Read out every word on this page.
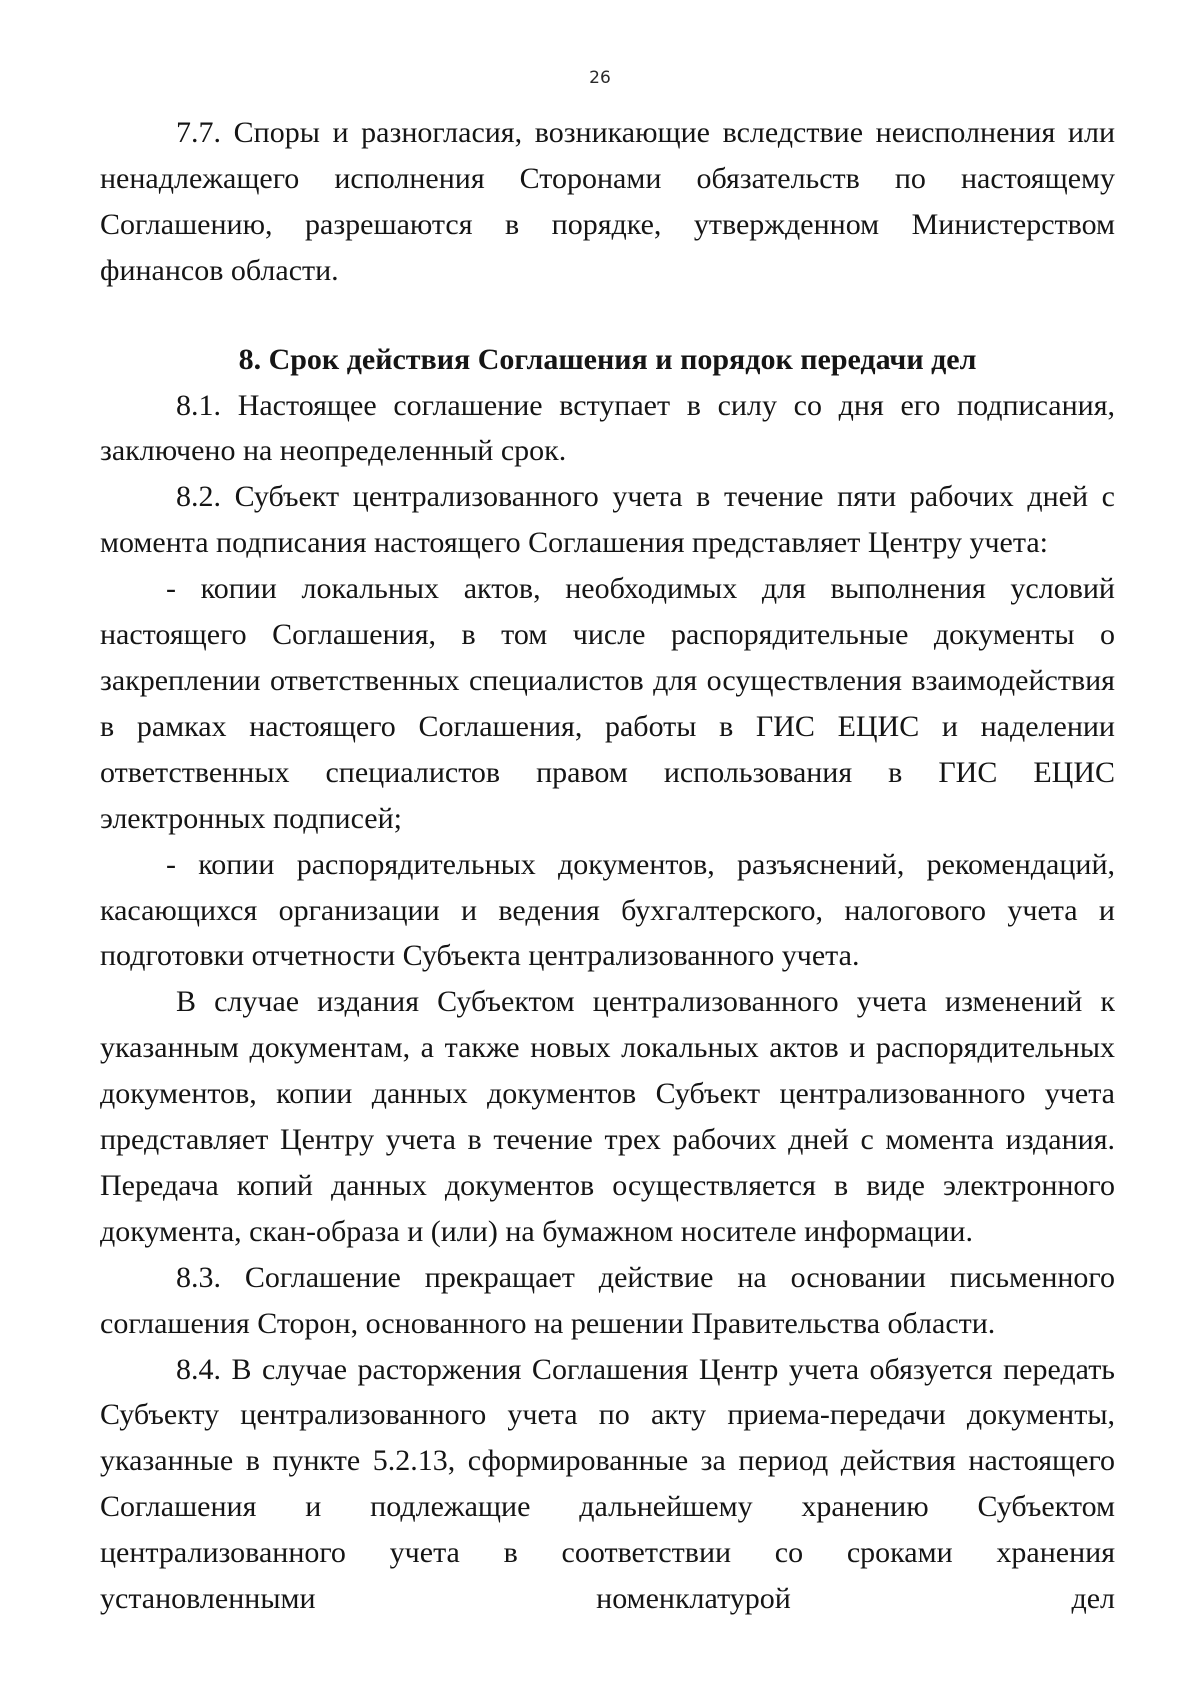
26

7.7. Споры и разногласия, возникающие вследствие неисполнения или ненадлежащего исполнения Сторонами обязательств по настоящему Соглашению, разрешаются в порядке, утвержденном Министерством финансов области.

8. Срок действия Соглашения и порядок передачи дел

8.1. Настоящее соглашение вступает в силу со дня его подписания, заключено на неопределенный срок.

8.2. Субъект централизованного учета в течение пяти рабочих дней с момента подписания настоящего Соглашения представляет Центру учета:

- копии локальных актов, необходимых для выполнения условий настоящего Соглашения, в том числе распорядительные документы о закреплении ответственных специалистов для осуществления взаимодействия в рамках настоящего Соглашения, работы в ГИС ЕЦИС и наделении ответственных специалистов правом использования в ГИС ЕЦИС электронных подписей;

- копии распорядительных документов, разъяснений, рекомендаций, касающихся организации и ведения бухгалтерского, налогового учета и подготовки отчетности Субъекта централизованного учета.

В случае издания Субъектом централизованного учета изменений к указанным документам, а также новых локальных актов и распорядительных документов, копии данных документов Субъект централизованного учета представляет Центру учета в течение трех рабочих дней с момента издания. Передача копий данных документов осуществляется в виде электронного документа, скан-образа и (или) на бумажном носителе информации.

8.3. Соглашение прекращает действие на основании письменного соглашения Сторон, основанного на решении Правительства области.

8.4. В случае расторжения Соглашения Центр учета обязуется передать Субъекту централизованного учета по акту приема-передачи документы, указанные в пункте 5.2.13, сформированные за период действия настоящего Соглашения и подлежащие дальнейшему хранению Субъектом централизованного учета в соответствии со сроками хранения установленными номенклатурой дел
